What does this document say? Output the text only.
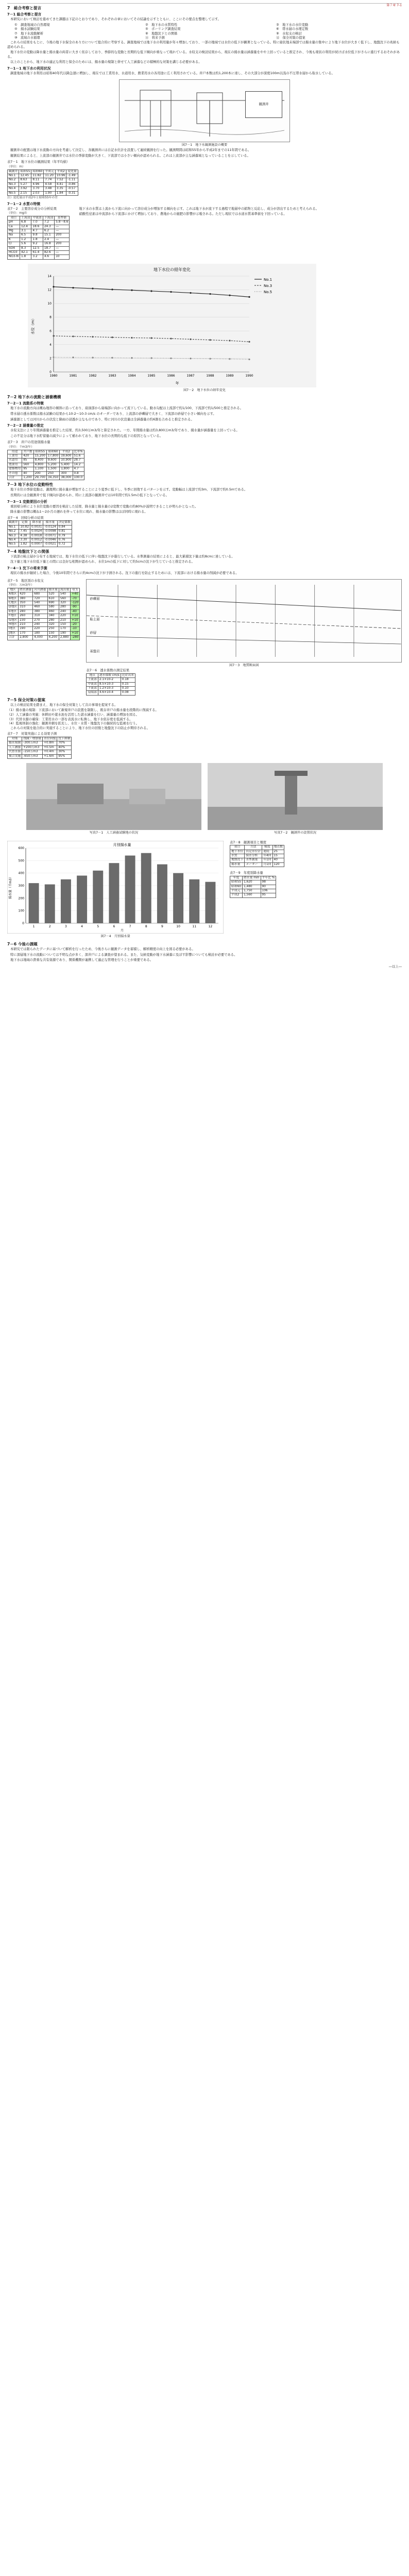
第７章 7-1
7　総合考察と提言
7－1 総合考察と提言

本研究において検討を進めてきた課題は下記のとおりであり、それぞれの章においてその結論を示すとともに、ここにその要点を整理して示す。

①　調査地域の自然環境	②　地下水の水質特性	③　地下水の水位変動
④　揚水試験結果	⑤　ボーリング調査結果	⑥　帯水層の水理定数
⑦　地下水流動解析	⑧　地盤沈下との関係	⑨　水収支の検討
⑩　流域の水循環	⑪　将来予測	⑫　保全対策の提案

これらの結果をもとに、今後の地下水保全のあり方について総合的に考察する。調査地域では地下水の利用量が年々増加しており、一部の地域では水位の低下が顕著となっている。特に扇状地末端部では揚水量の集中により地下水位が大きく低下し、地盤沈下の兆候も認められる。

地下水位の変動は降水量と揚水量の両者に大きく依存しており、季節的な変動と長期的な低下傾向が重なって現れている。水収支の検討結果から、現在の揚水量は涵養量をやや上回っていると推定され、今後も現状の利用が続けば水位低下がさらに進行するおそれがある。

以上のことから、地下水の適正な利用と保全のためには、揚水量の規制と併せて人工涵養などの積極的な対策を講じる必要がある。

7－1－1 地下水の利用状況

調査地域の地下水利用は昭和40年代以降急速に増加し、現在では工業用水、水道用水、農業用水の各用途に広く利用されている。井戸本数は約1,200本に達し、その大部分が深度100m以浅の不圧帯水層から取水している。

観測井
図7－1　地下水観測施設の概要

観測井の配置は地下水流動の方向を考慮して決定し、各観測井には自記水位計を設置して連続観測を行った。観測期間は昭和55年から平成2年までの11年間である。

観測結果によると、上流部の観測井では水位の季節変動が大きく、下流部では小さい傾向が認められる。これは上流部が主な涵養域となっていることを示している。

表7－1　地下水位の観測結果（年平均値）
（単位：m）
観測井	昭和55	昭和60	平成元	平成2	変化量
No.1	12.45	11.82	11.20	10.96	-1.49
No.2	8.63	8.11	7.74	7.52	-1.11
No.3	5.27	4.96	4.58	4.41	-0.86
No.4	3.92	3.70	3.48	3.35	-0.57
No.5	2.15	2.03	1.90	1.84	-0.31
注）変化量は平成2年と昭和55年の差
7－1－2 水質の特徴
表7－2　主要溶存成分の分析結果
（単位：mg/l）
項目	上流部	中流部	下流部	基準値
pH	6.8	7.0	7.2	5.8～8.6
Ca	12.4	18.6	24.3	―
Mg	3.1	4.7	6.2	―
Na	6.5	9.8	15.1	200
K	1.2	1.8	2.4	―
Cl	5.6	9.2	16.8	200
SO4	8.3	12.5	18.7	―
HCO3	42.1	61.4	82.6	―
NO3-N	1.8	3.2	4.6	10

地下水の水質は上流から下流に向かって溶存成分が増加する傾向を示す。これは地下水が流下する過程で地層中の鉱物と反応し、成分が溶出するためと考えられる。

硝酸性窒素は中流部から下流部にかけて増加しており、農地からの施肥の影響が示唆される。ただし現状では水道水質基準値を下回っている。

地下水位の経年変化
年
水位（m）
0
2
4
6
8
10
12
14
1980	1981	1982	1983	1984	1985	1986	1987	1988	1989	1990
No.1
No.3
No.5
図7－2　地下水位の経年変化
7－2 地下水の流動と涵養機構
7－2－1 流動系の特徴

地下水の流動方向は概ね地形の傾斜に沿っており、扇頂部から扇端部に向かって流下している。動水勾配は上流部で約1/100、下流部で約1/500と推定される。

帯水層の透水係数は揚水試験の結果から10-2～10-3 cm/s のオーダーであり、上流部の砂礫層で大きく、下流部の砂層で小さい傾向を示す。

涵養源としては河川からの伏没と降雨の浸透が主なものであり、特に河川の伏没量は全涵養量の約6割を占めると推定される。

7－2－2 涵養量の推定

水収支法により年間涵養量を推定した結果、約3,500万m3/年と算定された。一方、年間揚水量は約3,800万m3/年であり、揚水量が涵養量を上回っている。

この不足分は地下水貯留量の減少によって補われており、地下水位の長期的な低下の原因となっている。

表7－3　井戸の用途別揚水量
（単位：千m3/年）
用途	井戸数	昭和55	昭和60	平成2	比率%
工業用	420	15,200	17,800	19,600	51.6
水道用	85	8,400	9,600	10,900	28.7
農業用	560	4,800	5,200	5,400	14.2
建築物用	95	1,100	1,500	1,800	4.7
その他	40	200	250	300	0.8
合計	1,200	29,700	34,350	38,000	100.0
7－3 地下水位の変動特性

地下水位の季節変動は、灌漑期に揚水量が増加することにより夏季に低下し、冬季に回復するパターンを示す。変動幅は上流部で約3m、下流部で約0.5mである。

長期的には全観測井で低下傾向が認められ、特に上流部の観測井では10年間で約1.5mの低下となっている。

7－3－1 変動要因の分析

重回帰分析により水位変動の要因を検討した結果、降水量と揚水量の2変数で変動の約80%が説明できることが明らかとなった。

降水量の影響は概ね1～2か月の遅れを伴って水位に現れ、揚水量の影響はほぼ同時に現れる。

表7－4　回帰分析の結果
観測井	定数	降水量	揚水量	決定係数
No.1	10.82	0.0031	-0.0124	0.84
No.2	7.45	0.0024	-0.0098	0.81
No.3	4.38	0.0018	-0.0071	0.79
No.4	3.30	0.0012	-0.0046	0.76
No.5	1.82	0.0007	-0.0021	0.72
7－4 地盤沈下との関係

下流部の粘土層が分布する地域では、地下水位の低下に伴い地盤沈下が進行している。水準測量の結果によると、最大累積沈下量は約8cmに達している。

沈下量と地下水位低下量との間には良好な相関が認められ、水位1mの低下に対して約5cmの沈下が生じていると推定される。

7－4－1 沈下の将来予測

現状の揚水が継続した場合、今後10年間でさらに約4cmの沈下が予測される。沈下の進行を防止するためには、下流部における揚水量の削減が必要である。

表7－5　地区別の水収支
（単位：万m3/年）
地区	降水涵養	河川涵養	揚水量	流出量	収支
A地区	420	680	520	540	+40
B地区	380	720	610	560	-70
C地区	350	540	690	320	-120
D地区	310	460	580	280	-90
E地区	280	380	460	240	-40
F地区	260	310	340	220	+10
G地区	230	270	280	210	+10
H地区	210	240	320	150	-20
I地区	190	220	250	170	-10
J地区	170	180	150	190	+10
合計	2,800	4,000	4,200	2,880	-280
砂礫層
粘土層
砂層
基盤岩
図7－3　地質断面図
表7－6　透水係数の測定結果
地点	透水係数 cm/s	比産出率
上流部	2.1×10-2	0.18
中流部	8.5×10-3	0.15
下流部	1.2×10-3	0.10
扇端部	4.6×10-4	0.08
7－5 保全対策の提案

以上の検討結果を踏まえ、地下水の保全対策として次の事項を提案する。

（1）揚水量の規制：下流部において新規井戸の設置を制限し、既存井戸の揚水量を段階的に削減する。
（2）人工涵養の実施：休耕田や遊水池を活用した湛水涵養を行い、涵養量の増加を図る。
（3）代替水源の確保：工業用水の一部を表流水に転換し、地下水依存度を低減する。
（4）監視体制の強化：観測井網を拡充し、水位・水質・地盤沈下の継続的な監視を行う。

これらの対策を総合的に実施することにより、地下水位の回復と地盤沈下の防止が期待される。

表7－7　対策実施による効果予測
対策	削減・増加量	水位回復	沈下抑制
揚水規制	-300万m3	+0.8m	70%
人工涵養	+200万m3	+0.5m	40%
代替水源	-150万m3	+0.4m	30%
複合実施	-650万m3	+1.6m	95%
写真7－1　人工涵養試験地の状況	写真7－2　観測井の設置状況
0
100
200
300
400
500
600
1	2	3	4	5	6	7	8	9	10	11	12
月別揚水量
月
揚水量（千m3）
図7－4　月別揚水量
表7－8　観測項目と頻度
項目	方法	頻度	地点数
地下水位	自記水位計	連続	25
水質	採水分析	年4回	15
地盤沈下	水準測量	年1回	40
揚水量	メーター	月1回	120
表7－9　年度別降水量
年度	降水量 mm	平年比 %
昭和55	1,620	98
昭和60	1,480	90
平成元	1,750	106
平成2	1,560	95
7－6 今後の課題

本研究では限られたデータに基づいて解析を行ったため、今後さらに観測データを蓄積し、解析精度の向上を図る必要がある。

特に深層地下水の流動については不明な点が多く、深井戸による調査が望まれる。また、気候変動が地下水涵養に及ぼす影響についても検討が必要である。

地下水は地域の貴重な共有資源であり、関係機関が連携して適正な管理を行うことが重要である。

―以上―
